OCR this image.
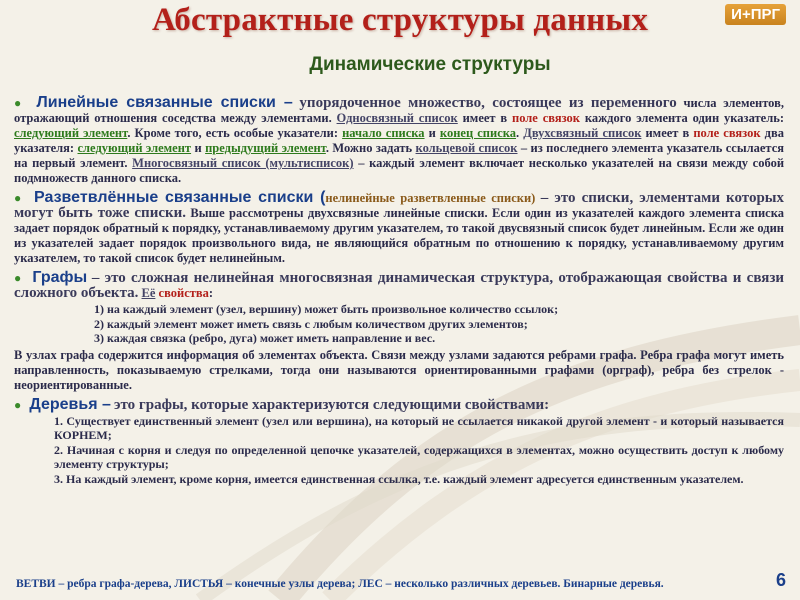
Абстрактные структуры данных	И+ПРГ
Динамические структуры

● Линейные связанные списки – упорядоченное множество, состоящее из переменного числа элементов, отражающий отношения соседства между элементами. Односвязный список имеет в поле связок каждого элемента один указатель: следующий элемент. Кроме того, есть особые указатели: начало списка и конец списка. Двухсвязный список имеет в поле связок два указателя: следующий элемент и предыдущий элемент. Можно задать кольцевой список – из последнего элемента указатель ссылается на первый элемент. Многосвязный список (мультисписок) – каждый элемент включает несколько указателей на связи между собой подмножеств данного списка.

● Разветвлённые связанные списки (нелинейные разветвленные списки) – это списки, элементами которых могут быть тоже списки. Выше рассмотрены двухсвязные линейные списки. Если один из указателей каждого элемента списка задает порядок обратный к порядку, устанавливаемому другим указателем, то такой двусвязный список будет линейным. Если же один из указателей задает порядок произвольного вида, не являющийся обратным по отношению к порядку, устанавливаемому другим указателем, то такой список будет нелинейным.

● Графы – это сложная нелинейная многосвязная динамическая структура, отображающая свойства и связи сложного объекта. Её свойства:

1) на каждый элемент (узел, вершину) может быть произвольное количество ссылок;
2) каждый элемент может иметь связь с любым количеством других элементов;
3) каждая связка (ребро, дуга) может иметь направление и вес.

В узлах графа содержится информация об элементах объекта. Связи между узлами задаются ребрами графа. Ребра графа могут иметь направленность, показываемую стрелками, тогда они называются ориентированными графами (орграф), ребра без стрелок - неориентированные.

● Деревья – это графы, которые характеризуются следующими свойствами:

1. Существует единственный элемент (узел или вершина), на который не ссылается никакой другой элемент - и который называется КОРНЕМ;
2. Начиная с корня и следуя по определенной цепочке указателей, содержащихся в элементах, можно осуществить доступ к любому элементу структуры;
3. На каждый элемент, кроме корня, имеется единственная ссылка, т.е. каждый элемент адресуется единственным указателем.
ВЕТВИ – ребра графа-дерева, ЛИСТЬЯ – конечные узлы дерева; ЛЕС – несколько различных деревьев. Бинарные деревья.	6
